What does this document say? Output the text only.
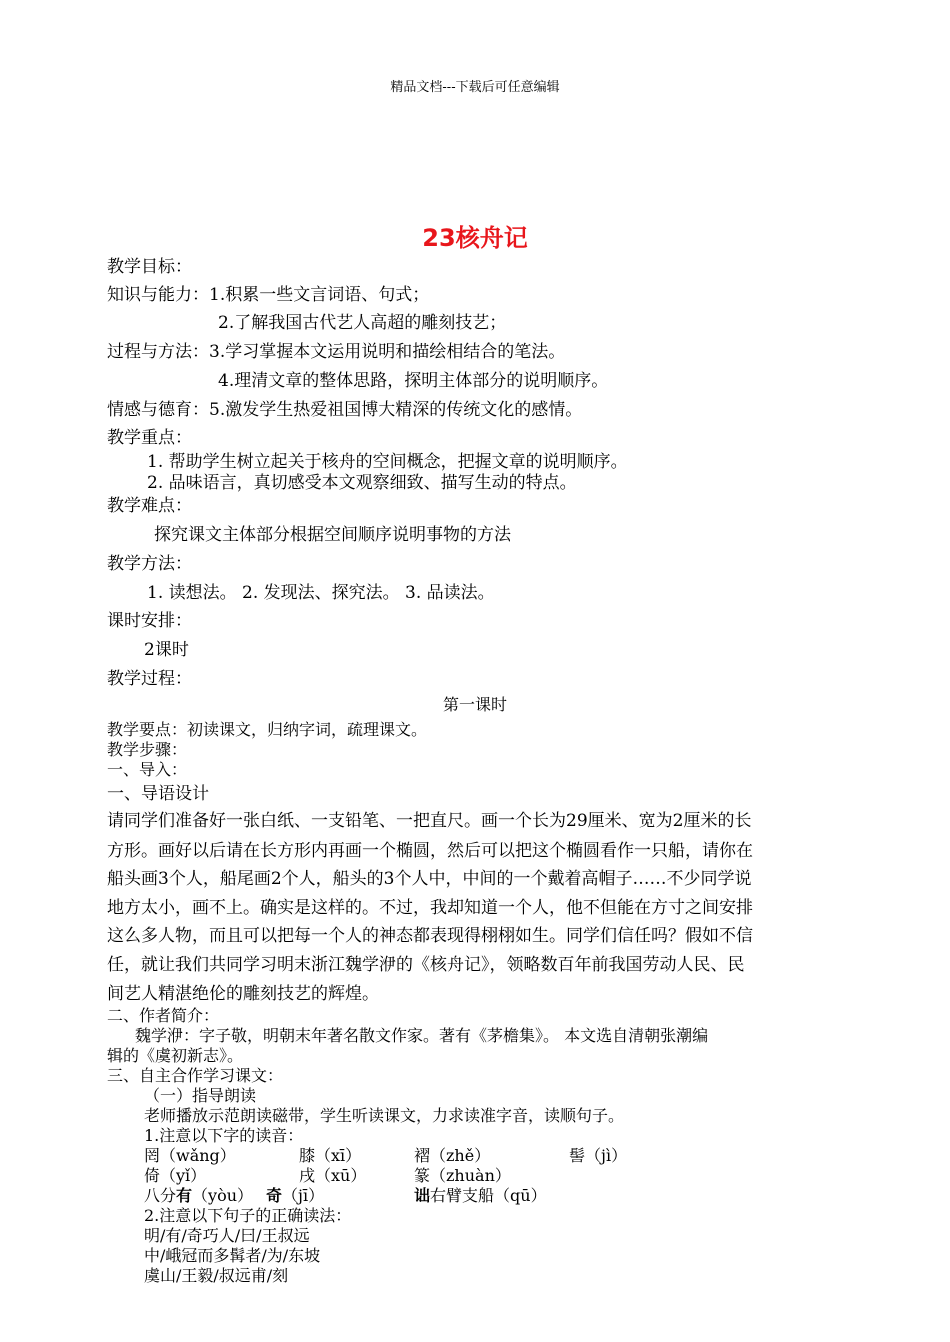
精品文档---下载后可任意编辑
23核舟记
教学目标：
知识与能力：1.积累一些文言词语、句式；
2.了解我国古代艺人高超的雕刻技艺；
过程与方法：3.学习掌握本文运用说明和描绘相结合的笔法。
4.理清文章的整体思路，探明主体部分的说明顺序。
情感与德育：5.激发学生热爱祖国博大精深的传统文化的感情。
教学重点：
1. 帮助学生树立起关于核舟的空间概念，把握文章的说明顺序。
2. 品味语言，真切感受本文观察细致、描写生动的特点。
教学难点：
探究课文主体部分根据空间顺序说明事物的方法
教学方法：
1. 读想法。 2. 发现法、探究法。 3. 品读法。
课时安排：
2课时
教学过程：
第一课时
教学要点：初读课文，归纳字词，疏理课文。
教学步骤：
一、导入：
一、导语设计
请同学们准备好一张白纸、一支铅笔、一把直尺。画一个长为29厘米、宽为2厘米的长
方形。画好以后请在长方形内再画一个椭圆，然后可以把这个椭圆看作一只船，请你在
船头画3个人，船尾画2个人，船头的3个人中，中间的一个戴着高帽子……不少同学说
地方太小，画不上。确实是这样的。不过，我却知道一个人，他不但能在方寸之间安排
这么多人物，而且可以把每一个人的神态都表现得栩栩如生。同学们信任吗？假如不信
任，就让我们共同学习明末浙江魏学洢的《核舟记》，领略数百年前我国劳动人民、民
间艺人精湛绝伦的雕刻技艺的辉煌。
二、作者简介：
魏学洢：字子敬，明朝末年著名散文作家。著有《茅檐集》。 本文选自清朝张潮编
辑的《虞初新志》。
三、自主合作学习课文：
（一）指导朗读
老师播放示范朗读磁带，学生听读课文，力求读准字音，读顺句子。
1.注意以下字的读音：
罔（wǎng）	膝（xī）	褶（zhě）	髻（jì）
倚（yǐ）	戌（xū）	篆（zhuàn）
八分有（yòu） 奇（jī）	诎右臂支船（qū）
2.注意以下句子的正确读法：
明/有/奇巧人/曰/王叔远
中/峨冠而多髯者/为/东坡
虞山/王毅/叔远甫/刻
